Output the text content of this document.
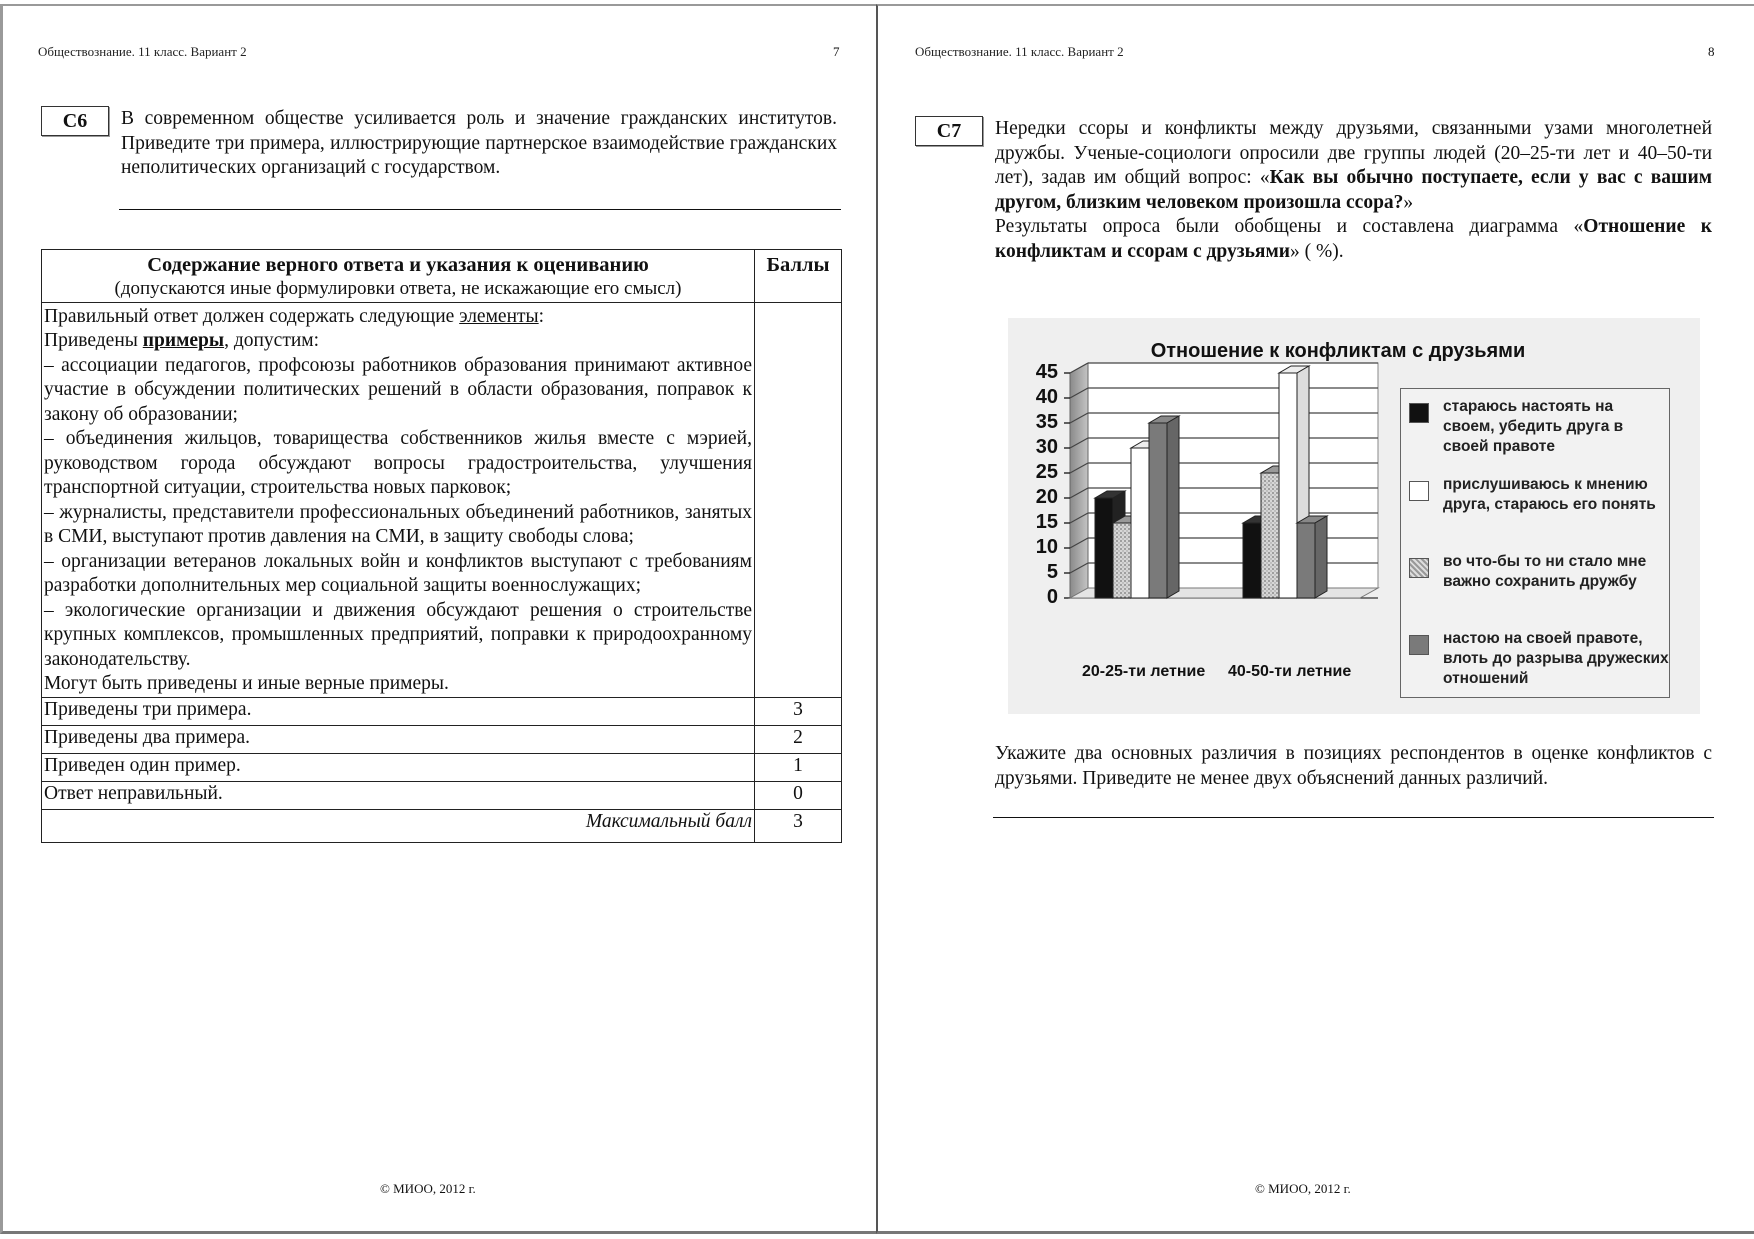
Обществознание. 11 класс. Вариант 2	7
С6	В современном обществе усиливается роль и значение гражданских институтов. Приведите три примера, иллюстрирующие партнерское взаимодействие гражданских неполитических организаций с государством.
Содержание верного ответа и указания к оцениванию
(допускаются иные формулировки ответа, не искажающие его смысл)	Баллы

Правильный ответ должен содержать следующие элементы:

Приведены примеры, допустим:

– ассоциации педагогов, профсоюзы работников образования принимают активное участие в обсуждении политических решений в области образования, поправок к закону об образовании;

– объединения жильцов, товарищества собственников жилья вместе с мэрией, руководством города обсуждают вопросы градостроительства, улучшения транспортной ситуации, строительства новых парковок;

– журналисты, представители профессиональных объединений работников, занятых в СМИ, выступают против давления на СМИ, в защиту свободы слова;

– организации ветеранов локальных войн и конфликтов выступают с требованиям разработки дополнительных мер социальной защиты военнослужащих;

– экологические организации и движения обсуждают решения о строительстве крупных комплексов, промышленных предприятий, поправки к природоохранному законодательству.

Могут быть приведены и иные верные примеры.

Приведены три примера.	3
Приведены два примера.	2
Приведен один пример.	1
Ответ неправильный.	0
Максимальный балл	3
© МИОО, 2012 г.
Обществознание. 11 класс. Вариант 2	8
С7	Нередки ссоры и конфликты между друзьями, связанными узами многолетней дружбы. Ученые-социологи опросили две группы людей (20–25-ти лет и 40–50-ти лет), задав им общий вопрос: «Как вы обычно поступаете, если у вас с вашим другом, близким человеком произошла ссора?»
Результаты опроса были обобщены и составлена диаграмма «Отношение к конфликтам и ссорам с друзьями» ( %).
Отношение к конфликтам с друзьями
45
40
35
30
25
20
15
10
5
0
20-25-ти летние 40-50-ти летние
стараюсь настоять на своем, убедить друга в своей правоте
прислушиваюсь к мнению друга, стараюсь его понять
во что-бы то ни стало мне важно сохранить дружбу
настою на своей правоте, влоть до разрыва дружеских отношений
Укажите два основных различия в позициях респондентов в оценке конфликтов с друзьями. Приведите не менее двух объяснений данных различий.
© МИОО, 2012 г.
